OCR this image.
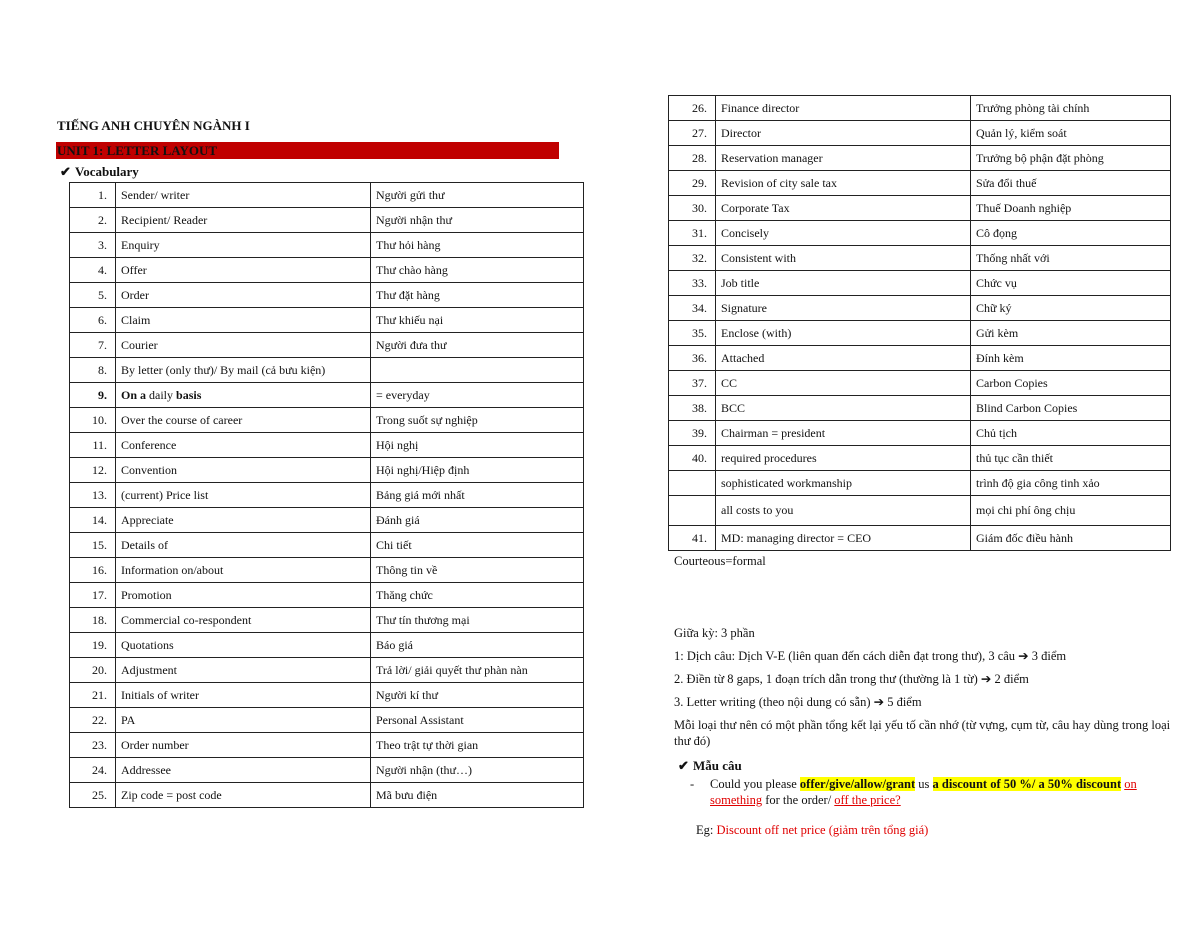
TIẾNG ANH CHUYÊN NGÀNH I
UNIT 1: LETTER LAYOUT
✔ Vocabulary
1.	Sender/ writer	Người gửi thư
2.	Recipient/ Reader	Người nhận thư
3.	Enquiry	Thư hỏi hàng
4.	Offer	Thư chào hàng
5.	Order	Thư đặt hàng
6.	Claim	Thư khiếu nại
7.	Courier	Người đưa thư
8.	By letter (only thư)/ By mail (cả bưu kiện)	
9.	On a daily basis	= everyday
10.	Over the course of career	Trong suốt sự nghiệp
11.	Conference	Hội nghị
12.	Convention	Hội nghị/Hiệp định
13.	(current) Price list	Bảng giá mới nhất
14.	Appreciate	Đánh giá
15.	Details of	Chi tiết
16.	Information on/about	Thông tin về
17.	Promotion	Thăng chức
18.	Commercial co-respondent	Thư tín thương mại
19.	Quotations	Báo giá
20.	Adjustment	Trả lời/ giải quyết thư phàn nàn
21.	Initials of writer	Người kí thư
22.	PA	Personal Assistant
23.	Order number	Theo trật tự thời gian
24.	Addressee	Người nhận (thư…)
25.	Zip code = post code	Mã bưu điện
26.	Finance director	Trưởng phòng tài chính
27.	Director	Quản lý, kiểm soát
28.	Reservation manager	Trưởng bộ phận đặt phòng
29.	Revision of city sale tax	Sửa đổi thuế
30.	Corporate Tax	Thuế Doanh nghiệp
31.	Concisely	Cô đọng
32.	Consistent with	Thống nhất với
33.	Job title	Chức vụ
34.	Signature	Chữ ký
35.	Enclose (with)	Gửi kèm
36.	Attached	Đính kèm
37.	CC	Carbon Copies
38.	BCC	Blind Carbon Copies
39.	Chairman = president	Chủ tịch
40.	required procedures	thủ tục cần thiết
	sophisticated workmanship	trình độ gia công tinh xảo
	all costs to you	mọi chi phí ông chịu
41.	MD: managing director = CEO	Giám đốc điều hành
Courteous=formal
Giữa kỳ: 3 phần
1: Dịch câu: Dịch V-E (liên quan đến cách diễn đạt trong thư), 3 câu ➔ 3 điểm
2. Điền từ 8 gaps, 1 đoạn trích dẫn trong thư (thường là 1 từ) ➔ 2 điểm
3. Letter writing (theo nội dung có sẵn) ➔ 5 điểm
Mỗi loại thư nên có một phần tổng kết lại yếu tố cần nhớ (từ vựng, cụm từ, câu hay dùng trong loại thư đó)
✔ Mẫu câu
- Could you please offer/give/allow/grant us a discount of 50 %/ a 50% discount on something for the order/ off the price?
Eg: Discount off net price (giảm trên tổng giá)
